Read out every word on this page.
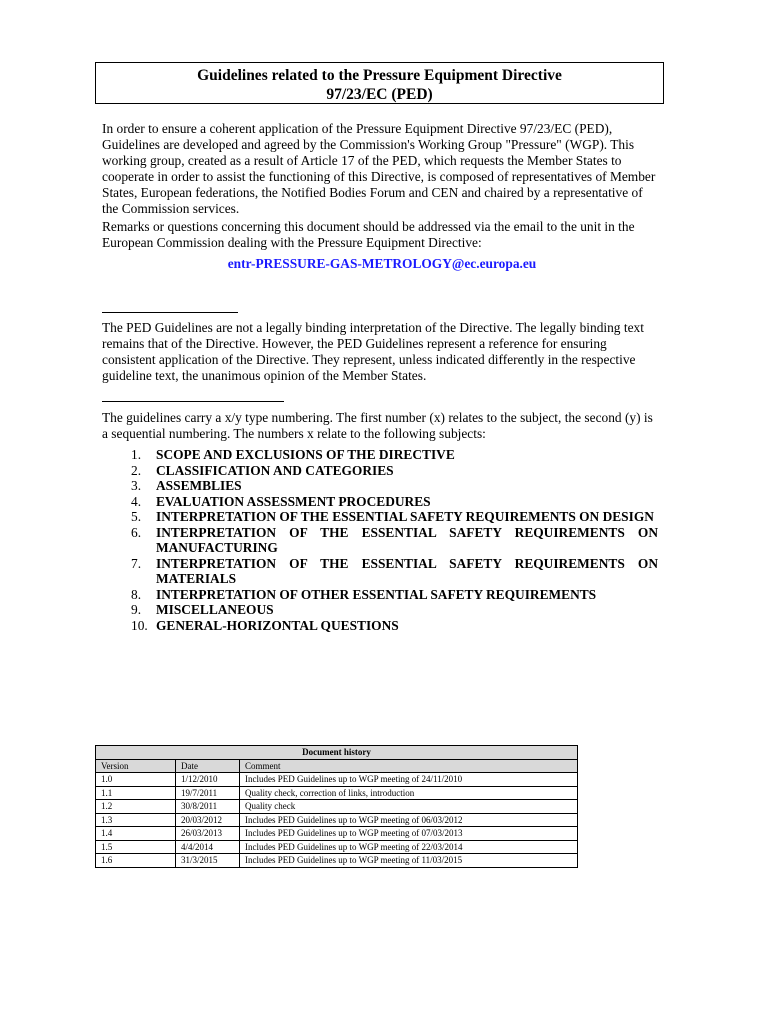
Guidelines related to the Pressure Equipment Directive
97/23/EC (PED)

In order to ensure a coherent application of the Pressure Equipment Directive 97/23/EC (PED), Guidelines are developed and agreed by the Commission's Working Group "Pressure" (WGP). This working group, created as a result of Article 17 of the PED, which requests the Member States to cooperate in order to assist the functioning of this Directive, is composed of representatives of Member States, European federations, the Notified Bodies Forum and CEN and chaired by a representative of the Commission services.

Remarks or questions concerning this document should be addressed via the email to the unit in the European Commission dealing with the Pressure Equipment Directive:

entr-PRESSURE-GAS-METROLOGY@ec.europa.eu

The PED Guidelines are not a legally binding interpretation of the Directive. The legally binding text remains that of the Directive. However, the PED Guidelines represent a reference for ensuring consistent application of the Directive. They represent, unless indicated differently in the respective guideline text, the unanimous opinion of the Member States.

The guidelines carry a x/y type numbering. The first number (x) relates to the subject, the second (y) is a sequential numbering. The numbers x relate to the following subjects:

1.	SCOPE AND EXCLUSIONS OF THE DIRECTIVE
2.	CLASSIFICATION AND CATEGORIES
3.	ASSEMBLIES
4.	EVALUATION ASSESSMENT PROCEDURES
5.	INTERPRETATION OF THE ESSENTIAL SAFETY REQUIREMENTS ON DESIGN
6.	INTERPRETATION OF THE ESSENTIAL SAFETY REQUIREMENTS ON MANUFACTURING
7.	INTERPRETATION OF THE ESSENTIAL SAFETY REQUIREMENTS ON MATERIALS
8.	INTERPRETATION OF OTHER ESSENTIAL SAFETY REQUIREMENTS
9.	MISCELLANEOUS
10. GENERAL-HORIZONTAL QUESTIONS
Document history		
Version	Date	Comment
1.0	1/12/2010	Includes PED Guidelines up to WGP meeting of 24/11/2010
1.1	19/7/2011	Quality check, correction of links, introduction
1.2	30/8/2011	Quality check
1.3	20/03/2012	Includes PED Guidelines up to WGP meeting of 06/03/2012
1.4	26/03/2013	Includes PED Guidelines up to WGP meeting of 07/03/2013
1.5	4/4/2014	Includes PED Guidelines up to WGP meeting of 22/03/2014
1.6	31/3/2015	Includes PED Guidelines up to WGP meeting of 11/03/2015
